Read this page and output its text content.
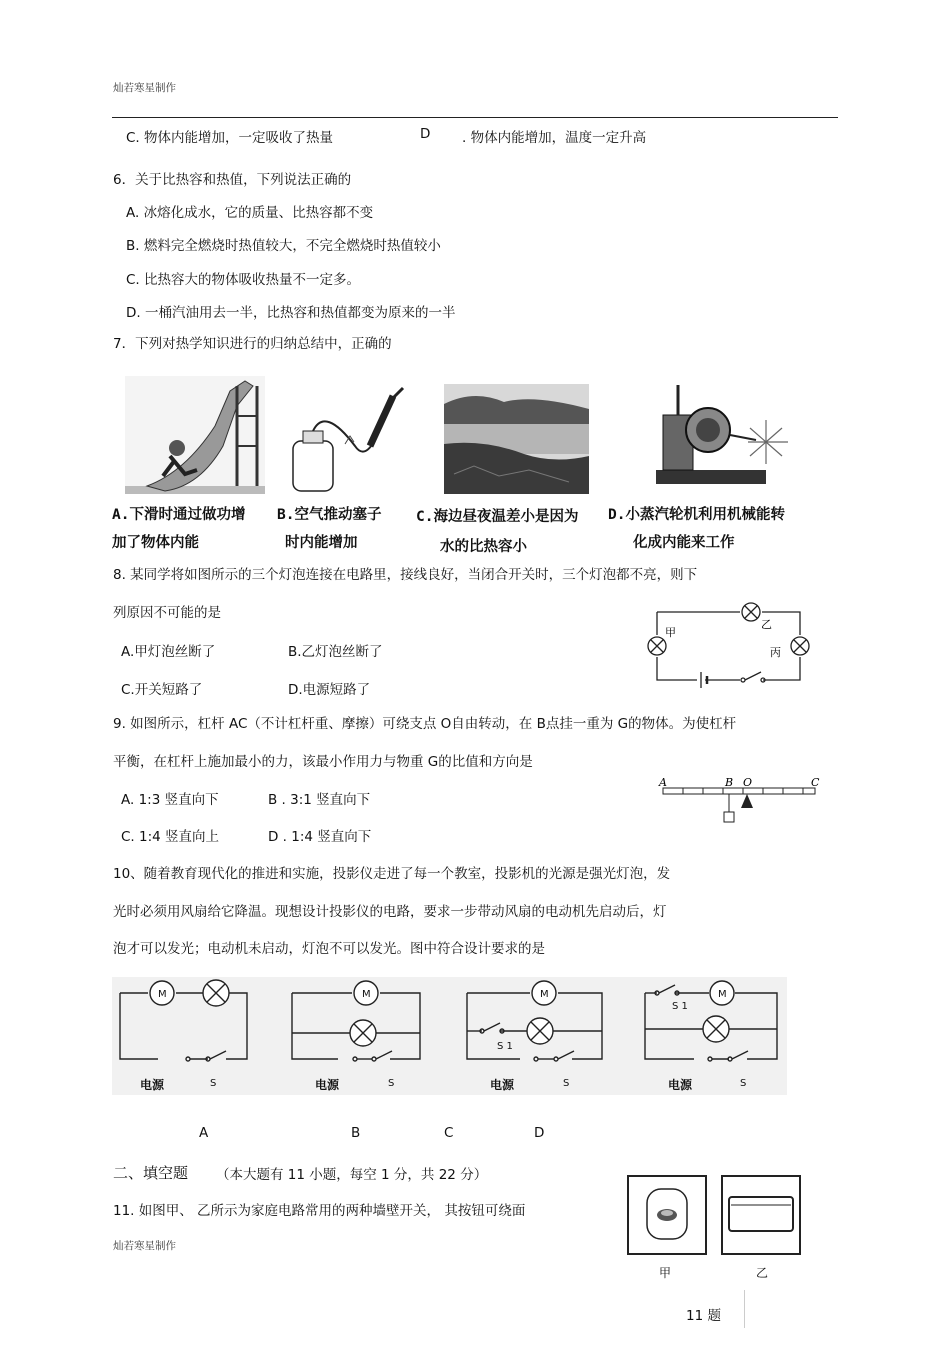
灿若寒星制作
C. 物体内能增加，一定吸收了热量	D . 物体内能增加，温度一定升高
6．关于比热容和热值，下列说法正确的
A. 冰熔化成水，它的质量、比热容都不变
B. 燃料完全燃烧时热值较大，不完全燃烧时热值较小
C. 比热容大的物体吸收热量不一定多。
D. 一桶汽油用去一半，比热容和热值都变为原来的一半
7．下列对热学知识进行的归纳总结中，正确的
A.下滑时通过做功增
加了物体内能
B.空气推动塞子
时内能增加
C.海边昼夜温差小是因为
水的比热容小
D.小蒸汽轮机利用机械能转
化成内能来工作
8. 某同学将如图所示的三个灯泡连接在电路里，接线良好，当闭合开关时，三个灯泡都不亮，则下
列原因不可能的是
A.甲灯泡丝断了	B.乙灯泡丝断了
C.开关短路了	D.电源短路了
甲
乙
丙
9. 如图所示，杠杆 AC（不计杠杆重、摩擦）可绕支点 O自由转动，在 B点挂一重为 G的物体。为使杠杆
平衡，在杠杆上施加最小的力，该最小作用力与物重 G的比值和方向是
A. 1:3 竖直向下	B . 3:1 竖直向下
C. 1:4 竖直向上	D . 1:4 竖直向下
A	B O	C
10、随着教育现代化的推进和实施，投影仪走进了每一个教室，投影机的光源是强光灯泡，发
光时必须用风扇给它降温。现想设计投影仪的电路，要求一步带动风扇的电动机先启动后，灯
泡才可以发光；电动机未启动，灯泡不可以发光。图中符合设计要求的是
M	M	M	M
S 1
S 1
S	S	S	S
电源	电源	电源	电源
A	B	C	D
二、填空题 （本大题有 11 小题，每空 1 分，共 22 分）
11. 如图甲、 乙所示为家庭电路常用的两种墙壁开关， 其按钮可绕面
甲	乙
灿若寒星制作
11 题
